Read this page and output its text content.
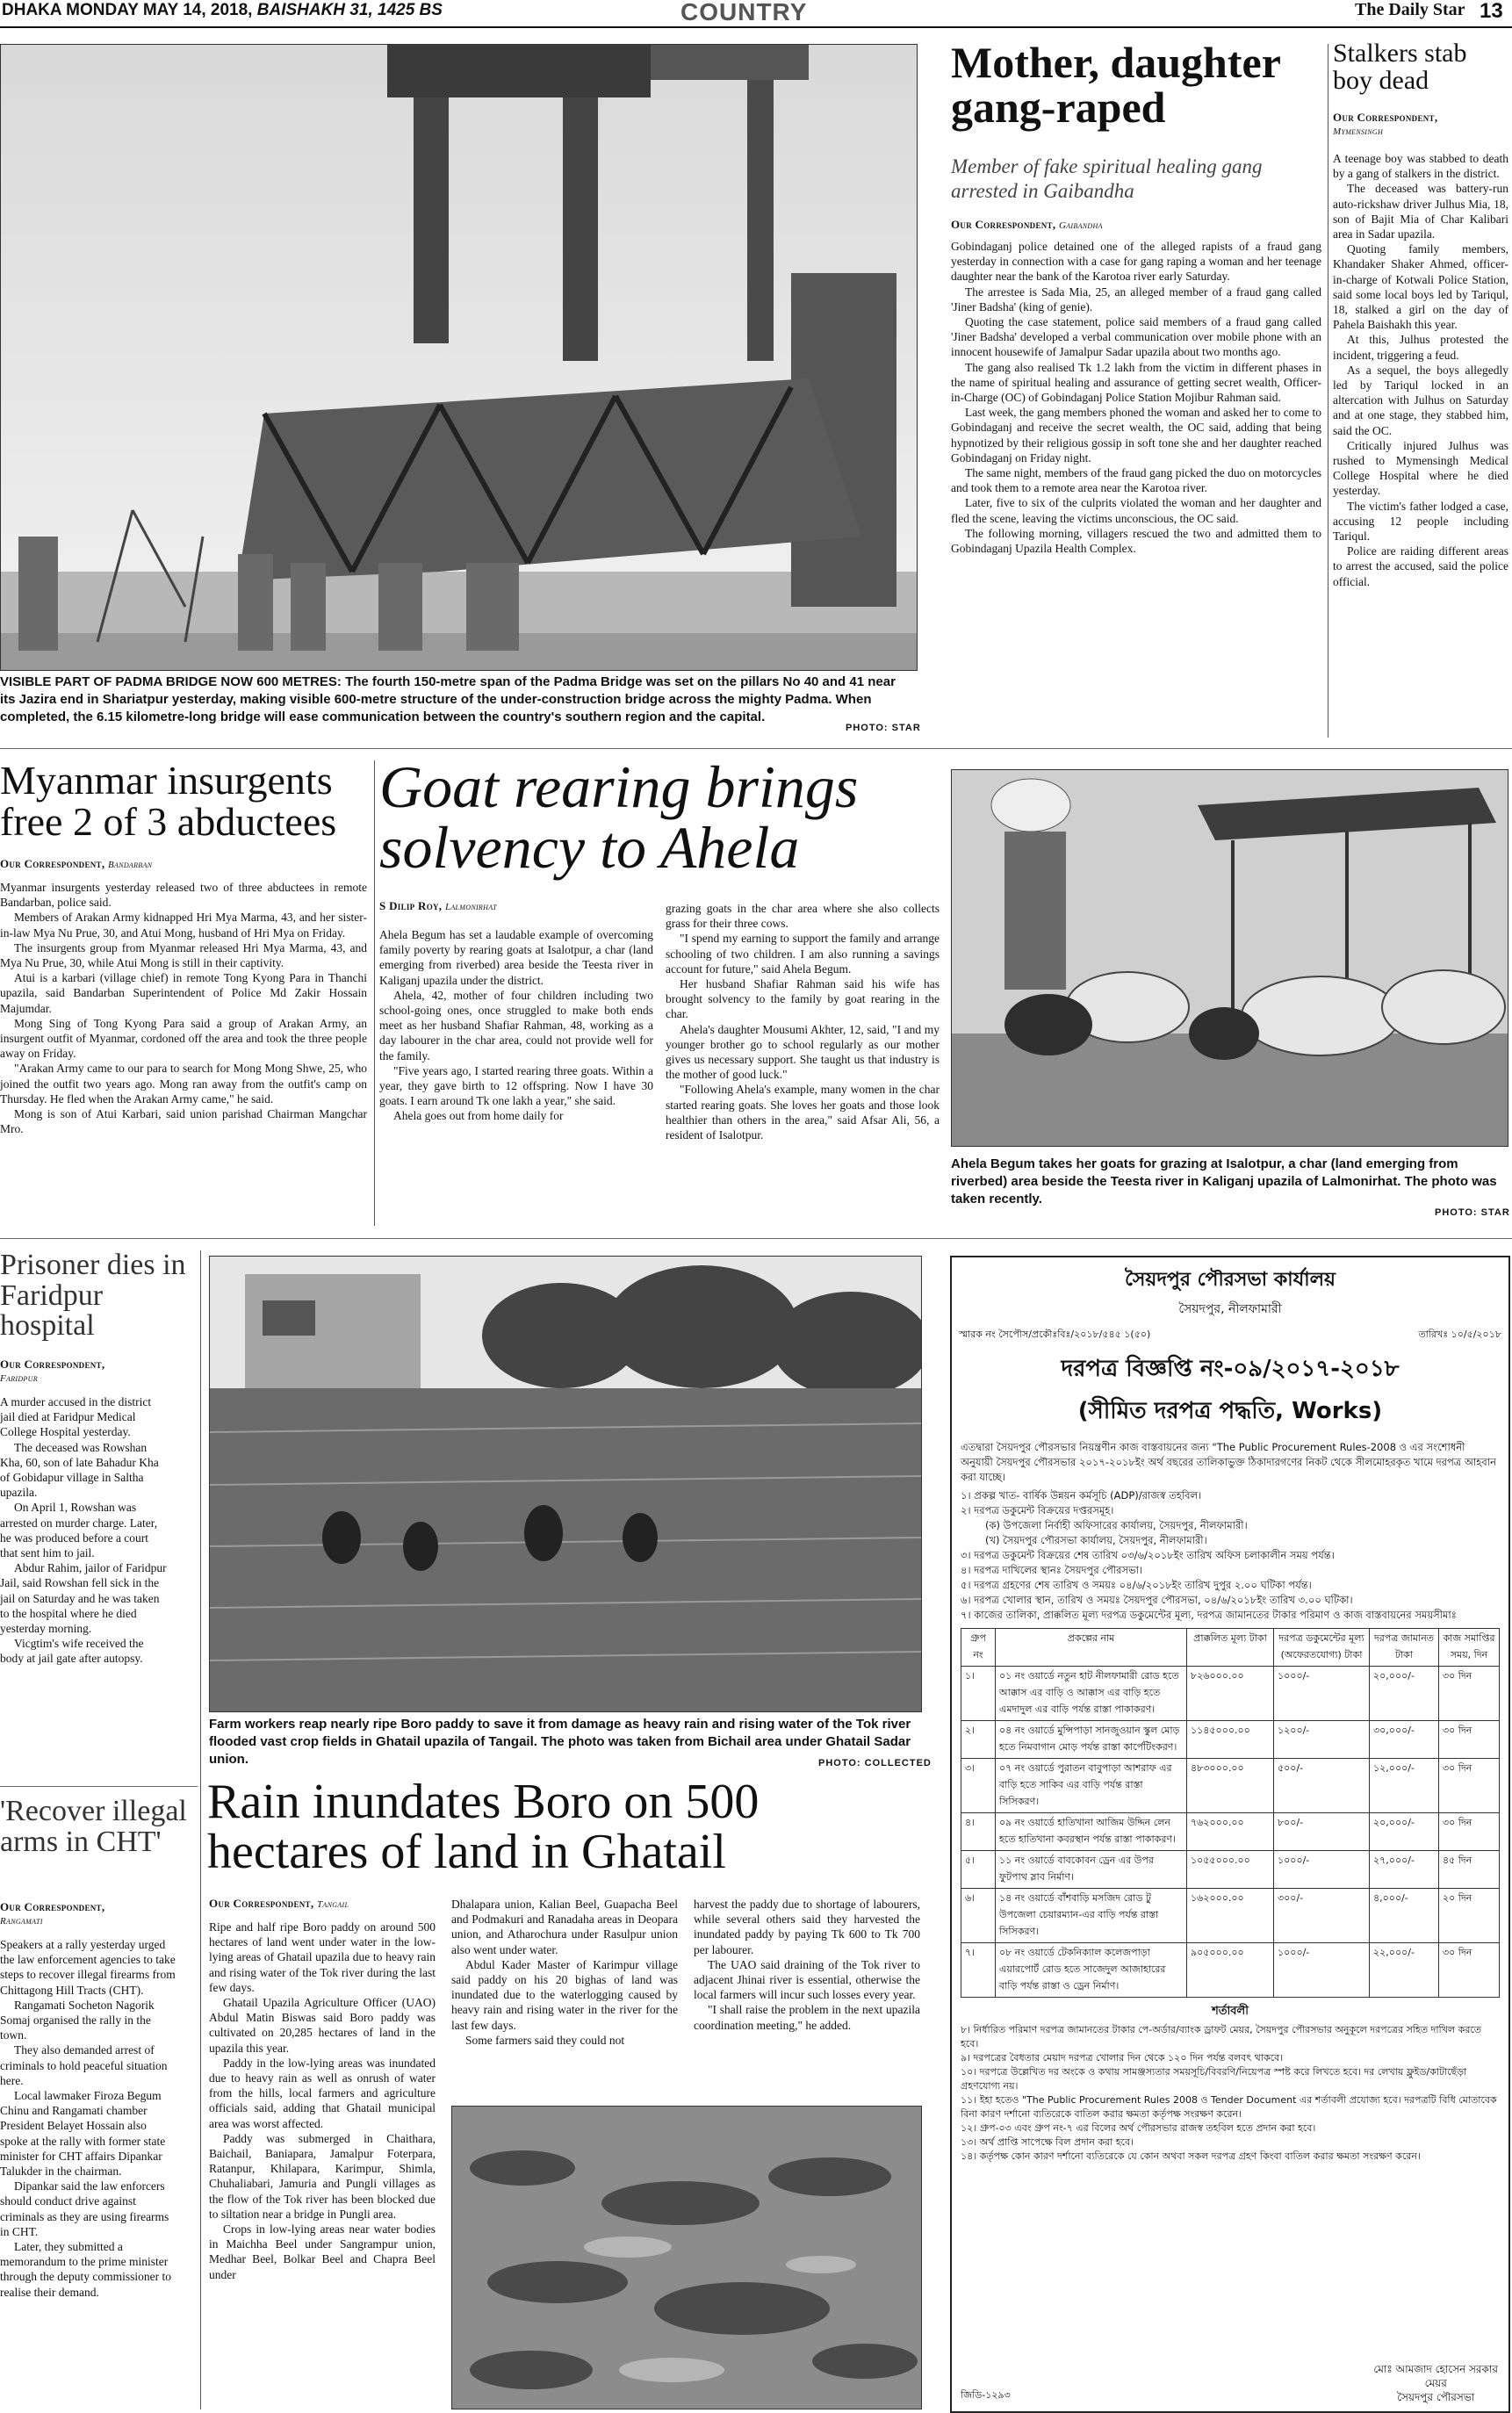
DHAKA MONDAY MAY 14, 2018, BAISHAKH 31, 1425 BS	COUNTRY	The Daily Star 13
VISIBLE PART OF PADMA BRIDGE NOW 600 METRES: The fourth 150-metre span of the Padma Bridge was set on the pillars No 40 and 41 near its Jazira end in Shariatpur yesterday, making visible 600-metre structure of the under-construction bridge across the mighty Padma. When completed, the 6.15 kilometre-long bridge will ease communication between the country's southern region and the capital.
PHOTO: STAR
Mother, daughter gang-raped
Member of fake spiritual healing gang arrested in Gaibandha
Our Correspondent, Gaibandha

Gobindaganj police detained one of the alleged rapists of a fraud gang yesterday in connection with a case for gang raping a woman and her teenage daughter near the bank of the Karotoa river early Saturday.

The arrestee is Sada Mia, 25, an alleged member of a fraud gang called 'Jiner Badsha' (king of genie).

Quoting the case statement, police said members of a fraud gang called 'Jiner Badsha' developed a verbal communication over mobile phone with an innocent housewife of Jamalpur Sadar upazila about two months ago.

The gang also realised Tk 1.2 lakh from the victim in different phases in the name of spiritual healing and assurance of getting secret wealth, Officer-in-Charge (OC) of Gobindaganj Police Station Mojibur Rahman said.

Last week, the gang members phoned the woman and asked her to come to Gobindaganj and receive the secret wealth, the OC said, adding that being hypnotized by their religious gossip in soft tone she and her daughter reached Gobindaganj on Friday night.

The same night, members of the fraud gang picked the duo on motorcycles and took them to a remote area near the Karotoa river.

Later, five to six of the culprits violated the woman and her daughter and fled the scene, leaving the victims unconscious, the OC said.

The following morning, villagers rescued the two and admitted them to Gobindaganj Upazila Health Complex.

Stalkers stab boy dead
Our Correspondent,
Mymensingh

A teenage boy was stabbed to death by a gang of stalkers in the district.

The deceased was battery-run auto-rickshaw driver Julhus Mia, 18, son of Bajit Mia of Char Kalibari area in Sadar upazila.

Quoting family members, Khandaker Shaker Ahmed, officer-in-charge of Kotwali Police Station, said some local boys led by Tariqul, 18, stalked a girl on the day of Pahela Baishakh this year.

At this, Julhus protested the incident, triggering a feud.

As a sequel, the boys allegedly led by Tariqul locked in an altercation with Julhus on Saturday and at one stage, they stabbed him, said the OC.

Critically injured Julhus was rushed to Mymensingh Medical College Hospital where he died yesterday.

The victim's father lodged a case, accusing 12 people including Tariqul.

Police are raiding different areas to arrest the accused, said the police official.

Myanmar insurgents free 2 of 3 abductees
Our Correspondent, Bandarban

Myanmar insurgents yesterday released two of three abductees in remote Bandarban, police said.

Members of Arakan Army kidnapped Hri Mya Marma, 43, and her sister-in-law Mya Nu Prue, 30, and Atui Mong, husband of Hri Mya on Friday.

The insurgents group from Myanmar released Hri Mya Marma, 43, and Mya Nu Prue, 30, while Atui Mong is still in their captivity.

Atui is a karbari (village chief) in remote Tong Kyong Para in Thanchi upazila, said Bandarban Superintendent of Police Md Zakir Hossain Majumdar.

Mong Sing of Tong Kyong Para said a group of Arakan Army, an insurgent outfit of Myanmar, cordoned off the area and took the three people away on Friday.

"Arakan Army came to our para to search for Mong Mong Shwe, 25, who joined the outfit two years ago. Mong ran away from the outfit's camp on Thursday. He fled when the Arakan Army came," he said.

Mong is son of Atui Karbari, said union parishad Chairman Mangchar Mro.

Goat rearing brings solvency to Ahela
S Dilip Roy, Lalmonirhat

Ahela Begum has set a laudable example of overcoming family poverty by rearing goats at Isalotpur, a char (land emerging from riverbed) area beside the Teesta river in Kaliganj upazila under the district.

Ahela, 42, mother of four children including two school-going ones, once struggled to make both ends meet as her husband Shafiar Rahman, 48, working as a day labourer in the char area, could not provide well for the family.

"Five years ago, I started rearing three goats. Within a year, they gave birth to 12 offspring. Now I have 30 goats. I earn around Tk one lakh a year," she said.

Ahela goes out from home daily for

grazing goats in the char area where she also collects grass for their three cows.

"I spend my earning to support the family and arrange schooling of two children. I am also running a savings account for future," said Ahela Begum.

Her husband Shafiar Rahman said his wife has brought solvency to the family by goat rearing in the char.

Ahela's daughter Mousumi Akhter, 12, said, "I and my younger brother go to school regularly as our mother gives us necessary support. She taught us that industry is the mother of good luck."

"Following Ahela's example, many women in the char started rearing goats. She loves her goats and those look healthier than others in the area," said Afsar Ali, 56, a resident of Isalotpur.

Ahela Begum takes her goats for grazing at Isalotpur, a char (land emerging from riverbed) area beside the Teesta river in Kaliganj upazila of Lalmonirhat. The photo was taken recently.
PHOTO: STAR
Prisoner dies in Faridpur hospital
Our Correspondent,
Faridpur

A murder accused in the district jail died at Faridpur Medical College Hospital yesterday.

The deceased was Rowshan Kha, 60, son of late Bahadur Kha of Gobidapur village in Saltha upazila.

On April 1, Rowshan was arrested on murder charge. Later, he was produced before a court that sent him to jail.

Abdur Rahim, jailor of Faridpur Jail, said Rowshan fell sick in the jail on Saturday and he was taken to the hospital where he died yesterday morning.

Vicgtim's wife received the body at jail gate after autopsy.

'Recover illegal arms in CHT'
Our Correspondent,
Rangamati

Speakers at a rally yesterday urged the law enforcement agencies to take steps to recover illegal firearms from Chittagong Hill Tracts (CHT).

Rangamati Socheton Nagorik Somaj organised the rally in the town.

They also demanded arrest of criminals to hold peaceful situation here.

Local lawmaker Firoza Begum Chinu and Rangamati chamber President Belayet Hossain also spoke at the rally with former state minister for CHT affairs Dipankar Talukder in the chairman.

Dipankar said the law enforcers should conduct drive against criminals as they are using firearms in CHT.

Later, they submitted a memorandum to the prime minister through the deputy commissioner to realise their demand.

Farm workers reap nearly ripe Boro paddy to save it from damage as heavy rain and rising water of the Tok river flooded vast crop fields in Ghatail upazila of Tangail. The photo was taken from Bichail area under Ghatail Sadar union.	PHOTO: COLLECTED
Rain inundates Boro on 500 hectares of land in Ghatail
Our Correspondent, Tangail

Ripe and half ripe Boro paddy on around 500 hectares of land went under water in the low-lying areas of Ghatail upazila due to heavy rain and rising water of the Tok river during the last few days.

Ghatail Upazila Agriculture Officer (UAO) Abdul Matin Biswas said Boro paddy was cultivated on 20,285 hectares of land in the upazila this year.

Paddy in the low-lying areas was inundated due to heavy rain as well as onrush of water from the hills, local farmers and agriculture officials said, adding that Ghatail municipal area was worst affected.

Paddy was submerged in Chaithara, Baichail, Baniapara, Jamalpur Foterpara, Ratanpur, Khilapara, Karimpur, Shimla, Chuhaliabari, Jamuria and Pungli villages as the flow of the Tok river has been blocked due to siltation near a bridge in Pungli area.

Crops in low-lying areas near water bodies in Maichha Beel under Sangrampur union, Medhar Beel, Bolkar Beel and Chapra Beel under

Dhalapara union, Kalian Beel, Guapacha Beel and Podmakuri and Ranadaha areas in Deopara union, and Atharochura under Rasulpur union also went under water.

Abdul Kader Master of Karimpur village said paddy on his 20 bighas of land was inundated due to the waterlogging caused by heavy rain and rising water in the river for the last few days.

Some farmers said they could not

harvest the paddy due to shortage of labourers, while several others said they harvested the inundated paddy by paying Tk 600 to Tk 700 per labourer.

The UAO said draining of the Tok river to adjacent Jhinai river is essential, otherwise the local farmers will incur such losses every year.

"I shall raise the problem in the next upazila coordination meeting," he added.

সৈয়দপুর পৌরসভা কার্যালয়
সৈয়দপুর, নীলফামারী
স্মারক নং সৈপৌস/প্রকৌঃবিঃ/২০১৮/৫৪৫ ১(৫০)	তারিখঃ ১০/৫/২০১৮
দরপত্র বিজ্ঞপ্তি নং-০৯/২০১৭-২০১৮
(সীমিত দরপত্র পদ্ধতি, Works)
এতদ্বারা সৈয়দপুর পৌরসভার নিয়ন্ত্রণীন কাজ বাস্তবায়নের জন্য "The Public Procurement Rules-2008 ও এর সংশোধনী অনুযায়ী সৈয়দপুর পৌরসভার ২০১৭-২০১৮ইং অর্থ বছরের তালিকাভুক্ত ঠিকাদারগণের নিকট থেকে সীলমোহরকৃত খামে দরপত্র আহবান করা যাচ্ছে।
১। প্রকল্প খাত- বার্ষিক উন্নয়ন কর্মসূচি (ADP)/রাজস্ব তহবিল।
২। দরপত্র ডকুমেন্ট বিক্রয়ের দপ্তরসমূহ।
(ক) উপজেলা নির্বাহী অফিসারের কার্যালয়, সৈয়দপুর, নীলফামারী।
(খ) সৈয়দপুর পৌরসভা কার্যালয়, সৈয়দপুর, নীলফামারী।
৩। দরপত্র ডকুমেন্ট বিক্রয়ের শেষ তারিখ ০৩/৬/২০১৮ইং তারিখ অফিস চলাকালীন সময় পর্যন্ত।
৪। দরপত্র দাখিলের স্থানঃ সৈয়দপুর পৌরসভা।
৫। দরপত্র গ্রহণের শেষ তারিখ ও সময়ঃ ০৪/৬/২০১৮ইং তারিখ দুপুর ২.০০ ঘটিকা পর্যন্ত।
৬। দরপত্র খোলার স্থান, তারিখ ও সময়ঃ সৈয়দপুর পৌরসভা, ০৪/৬/২০১৮ইং তারিখ ৩.০০ ঘটিকা।
৭। কাজের তালিকা, প্রাক্কলিত মূল্য দরপত্র ডকুমেন্টের মূল্য, দরপত্র জামানতের টাকার পরিমাণ ও কাজ বাস্তবায়নের সময়সীমাঃ
গ্রুপ নং	প্রকল্পের নাম	প্রাক্কলিত মূল্য টাকা	দরপত্র ডকুমেন্টের মূল্য (অফেরতযোগ্য) টাকা	দরপত্র জামানত টাকা	কাজ সমাপ্তির সময়, দিন
১।	০১ নং ওয়ার্ডে নতুন হাট নীলফামারী রোড হতে আক্কাস এর বাড়ি ও আক্কাস এর বাড়ি হতে এমদাদুল এর বাড়ি পর্যন্ত রাস্তা পাকাকরণ।	৮২৬০০০.০০	১০০০/-	২০,০০০/-	৩০ দিন
২।	০৪ নং ওয়ার্ডে মুন্সিপাড়া সানজুওয়ান স্কুল মোড় হতে নিমবাগান মোড় পর্যন্ত রাস্তা কার্পেটিংকরণ।	১১৪৫০০০.০০	১২০০/-	৩০,০০০/-	৩০ দিন
৩।	০৭ নং ওয়ার্ডে পুরাতন বাবুপাড়া আশরাফ এর বাড়ি হতে সাকিব এর বাড়ি পর্যন্ত রাস্তা সিসিকরণ।	৪৮৩০০০.০০	৫০০/-	১২,০০০/-	৩০ দিন
৪।	০৯ নং ওয়ার্ডে হাতিখানা আজিম উদ্দিন লেন হতে হাতিখানা কবরস্থান পর্যন্ত রাস্তা পাকাকরণ।	৭৬২০০০.০০	৮০০/-	২০,০০০/-	৩০ দিন
৫।	১১ নং ওয়ার্ডে বাবকোবন ড্রেন এর উপর ফুটপাথ স্লাব নির্মাণ।	১০৫৫০০০.০০	১০০০/-	২৭,০০০/-	৪৫ দিন
৬।	১৪ নং ওয়ার্ডে বাঁশবাড়ি মসজিদ রোড টু উপজেলা চেয়ারম্যান-এর বাড়ি পর্যন্ত রাস্তা সিসিকরণ।	১৬২০০০.০০	৩০০/-	৪,০০০/-	২০ দিন
৭।	০৮ নং ওয়ার্ডে টেকনিক্যাল কলেজপাড়া এয়ারপোর্ট রোড হতে সাজেদুল আজাহারের বাড়ি পর্যন্ত রাস্তা ও ড্রেন নির্মাণ।	৯০৫০০০.০০	১০০০/-	২২,০০০/-	৩০ দিন
শর্তাবলী
৮। নির্ধারিত পরিমাণ দরপত্র জামানতের টাকার পে-অর্ডার/ব্যাংক ড্রাফট মেয়র, সৈয়দপুর পৌরসভার অনুকূলে দরপত্রের সহিত দাখিল করতে হবে।
৯। দরপত্রের বৈধতার মেয়াদ দরপত্র খোলার দিন থেকে ১২০ দিন পর্যন্ত বলবৎ থাকবে।
১০। দরপত্রে উল্লেখিত দর অংকে ও কথায় সামঞ্জস্যতার সময়সূচি/বিবরণি/নিয়েপত্র স্পষ্ট করে লিখতে হবে। দর লেখায় ফ্লুইড/কাটাছেঁড়া গ্রহণযোগ্য নয়।
১১। ইহা হতেও "The Public Procurement Rules 2008 ও Tender Document এর শর্তাবলী প্রযোজ্য হবে। দরপত্রটি বিধি মোতাবেক বিনা কারণ দর্শানো ব্যতিরেকে বাতিল করার ক্ষমতা কর্তৃপক্ষ সংরক্ষণ করেন।
১২। গ্রুপ-০৩ এবং গ্রুপ নং-৭ এর বিলের অর্থ পৌরসভার রাজস্ব তহবিল হতে প্রদান করা হবে।
১৩। অর্থ প্রাপ্তি সাপেক্ষে বিল প্রদান করা হবে।
১৪। কর্তৃপক্ষ কোন কারণ দর্শানো ব্যতিরেকে যে কোন অথবা সকল দরপত্র গ্রহণ কিংবা বাতিল করার ক্ষমতা সংরক্ষণ করেন।
মোঃ আমজাদ হোসেন সরকার
মেয়র
সৈয়দপুর পৌরসভা
জিডি-১২৯৩
